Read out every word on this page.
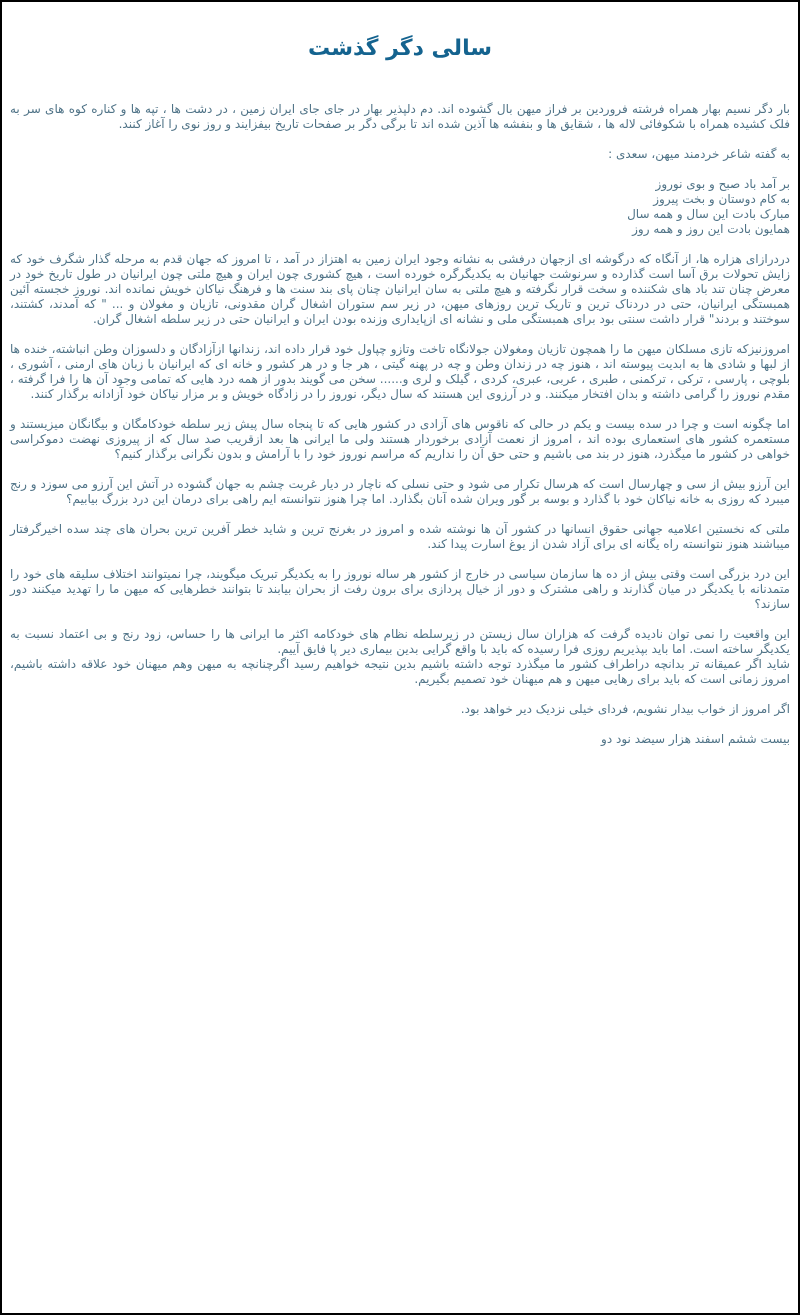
سالی دگر گذشت

بار دگر نسیم بهار همراه فرشته فروردین بر فراز میهن بال گشوده اند. دم دلپذیر بهار در جای جای ایران زمین ، در دشت ها ، تپه ها و کناره کوه های سر به فلک کشیده همراه با شکوفائی لاله ها ، شقایق ها و بنفشه ها آذین شده اند تا برگی دگر بر صفحات تاریخ بیفزایند و روز نوی را آغاز کنند.

به گفته شاعر خردمند میهن، سعدی :

بر آمد باد صبح و بوی نوروز
به کام دوستان و بخت پیروز
مبارک بادت این سال و همه سال
همایون بادت این روز و همه روز

دردرازای هزاره ها، از آنگاه که درگوشه ای ازجهان درفشی به نشانه وجود ایران زمین به اهتزاز در آمد ، تا امروز که جهان قدم به مرحله گذار شگرف خود که زایش تحولات برق آسا است گذارده و سرنوشت جهانیان به یکدیگرگره خورده است ، هیچ کشوری چون ایران و هیچ ملتی چون ایرانیان در طول تاریخ خود در معرض چنان تند باد های شکننده و سخت قرار نگرفته و هیچ ملتی به سان ایرانیان چنان پای بند سنت ها و فرهنگ نیاکان خویش نمانده اند. نوروز خجسته آئین همبستگی ایرانیان، حتی در دردناک ترین و تاریک ترین روزهای میهن، در زیر سم ستوران اشغال گران مقدونی، تازیان و مغولان و ... " که آمدند، کشتند، سوختند و بردند" قرار داشت سنتی بود برای همبستگی ملی و نشانه ای ازپایداری وزنده بودن ایران و ایرانیان حتی در زیر سلطه اشغال گران.

امروزنیزکه تازی مسلکان میهن ما را همچون تازیان ومغولان جولانگاه تاخت وتازو چپاول خود قرار داده اند، زندانها ازآزادگان و دلسوزان وطن انباشته، خنده ها از لبها و شادی ها به ابدیت پیوسته اند ، هنوز چه در زندان وطن و چه در پهنه گیتی ، هر جا و در هر کشور و خانه ای که ایرانیان با زبان های ارمنی ، آشوری ، بلوچی ، پارسی ، ترکی ، ترکمنی ، طبری ، عربی، عبری، کردی ، گیلک و لری و...... سخن می گویند بدور از همه درد هایی که تمامی وجود آن ها را فرا گرفته ، مقدم نوروز را گرامی داشته و بدان افتخار میکنند. و در آرزوی این هستند که سال دیگر، نوروز را در زادگاه خویش و بر مزار نیاکان خود آزادانه برگذار کنند.

اما چگونه است و چرا در سده بیست و یکم در حالی که ناقوس های آزادی در کشور هایی که تا پنجاه سال پیش زیر سلطه خودکامگان و بیگانگان میزیستند و مستعمره کشور های استعماری بوده اند ، امروز از نعمت آزادی برخوردار هستند ولی ما ایرانی ها بعد ازقریب صد سال که از پیروزی نهضت دموکراسی خواهی در کشور ما میگذرد، هنوز در بند می باشیم و حتی حق آن را نداریم که مراسم نوروز خود را با آرامش و بدون نگرانی برگذار کنیم؟

این آرزو بیش از سی و چهارسال است که هرسال تکرار می شود و حتی نسلی که ناچار در دیار غربت چشم به جهان گشوده در آتش این آرزو می سوزد و رنج میبرد که روزی به خانه نیاکان خود با گذارد و بوسه بر گور ویران شده آنان بگذارد. اما چرا هنوز نتوانسته ایم راهی برای درمان این درد بزرگ بیابیم؟

ملتی که نخستین اعلامیه جهانی حقوق انسانها در کشور آن ها نوشته شده و امروز در بغرنج ترین و شاید خطر آفرین ترین بحران های چند سده اخیرگرفتار میباشند هنوز نتوانسته راه یگانه ای برای آزاد شدن از یوغ اسارت پیدا کند.

این درد بزرگی است وقتی بیش از ده ها سازمان سیاسی در خارج از کشور هر ساله نوروز را به یکدیگر تبریک میگویند، چرا نمیتوانند اختلاف سلیقه های خود را متمدنانه با یکدیگر در میان گذارند و راهی مشترک و دور از خیال پردازی برای برون رفت از بحران بیابند تا بتوانند خطرهایی که میهن ما را تهدید میکنند دور سازند؟

این واقعیت را نمی توان نادیده گرفت که هزاران سال زیستن در زیرسلطه نظام های خودکامه اکثر ما ایرانی ها را حساس، زود رنج و بی اعتماد نسبت به یکدیگر ساخته است. اما باید بپذیریم روزی فرا رسیده که باید با واقع گرایی بدین بیماری دیر پا فایق آییم.

شاید اگر عمیقانه تر بدانچه دراطراف کشور ما میگذرد توجه داشته باشیم بدین نتیجه خواهیم رسید اگرچنانچه به میهن وهم میهنان خود علاقه داشته باشیم، امروز زمانی است که باید برای رهایی میهن و هم میهنان خود تصمیم بگیریم.

اگر امروز از خواب بیدار نشویم، فردای خیلی نزدیک دیر خواهد بود.

بیست ششم اسفند هزار سیضد نود دو
